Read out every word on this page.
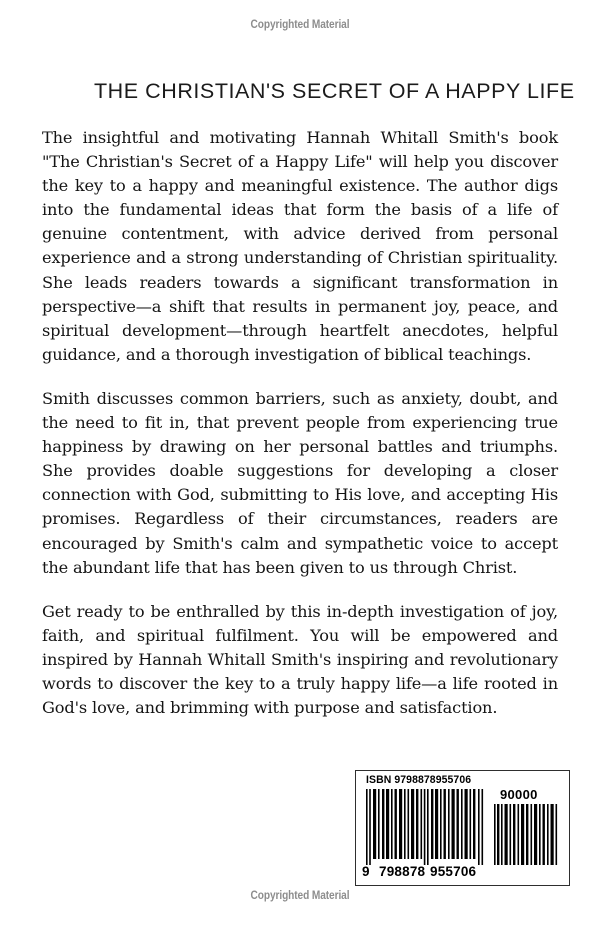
Copyrighted Material
THE CHRISTIAN'S SECRET OF A HAPPY LIFE

The insightful and motivating Hannah Whitall Smith's book "The Christian's Secret of a Happy Life" will help you discover the key to a happy and meaningful existence. The author digs into the fundamental ideas that form the basis of a life of genuine contentment, with advice derived from personal experience and a strong understanding of Christian spirituality. She leads readers towards a significant transformation in perspective—a shift that results in permanent joy, peace, and spiritual development—through heartfelt anecdotes, helpful guidance, and a thorough investigation of biblical teachings.

Smith discusses common barriers, such as anxiety, doubt, and the need to fit in, that prevent people from experiencing true happiness by drawing on her personal battles and triumphs. She provides doable suggestions for developing a closer connection with God, submitting to His love, and accepting His promises. Regardless of their circumstances, readers are encouraged by Smith's calm and sympathetic voice to accept the abundant life that has been given to us through Christ.

Get ready to be enthralled by this in-depth investigation of joy, faith, and spiritual fulfilment. You will be empowered and inspired by Hannah Whitall Smith's inspiring and revolutionary words to discover the key to a truly happy life—a life rooted in God's love, and brimming with purpose and satisfaction.

ISBN 9798878955706
90000
9 798878 955706
Copyrighted Material
